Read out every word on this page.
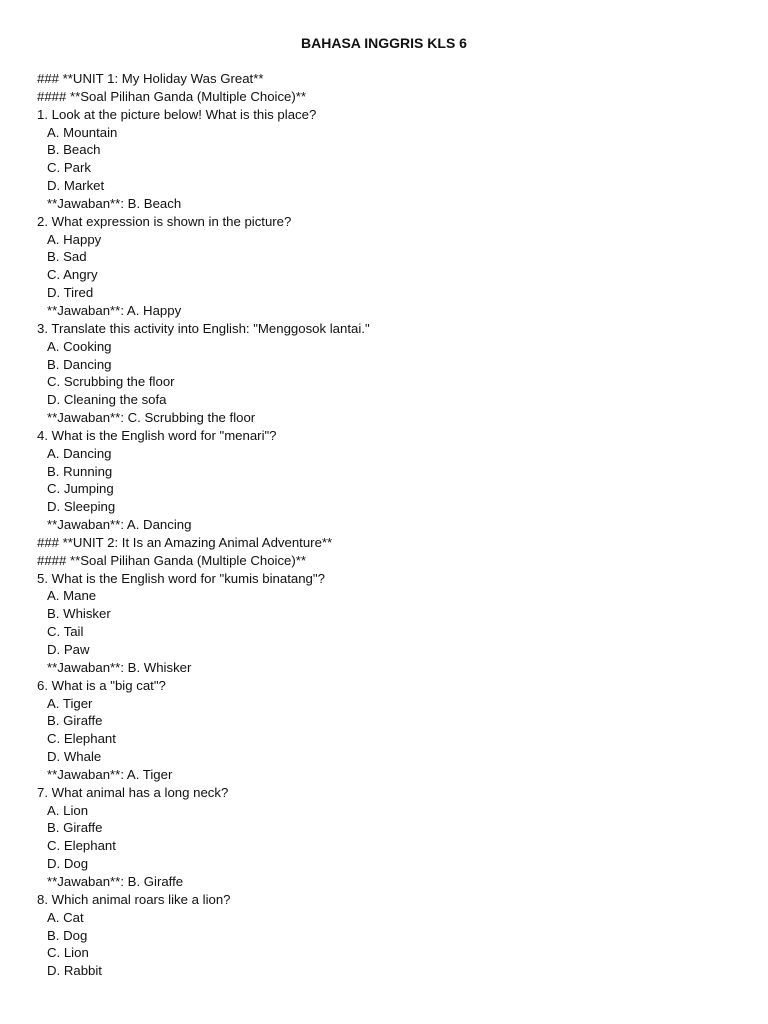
BAHASA INGGRIS KLS 6
### **UNIT 1: My Holiday Was Great**
#### **Soal Pilihan Ganda (Multiple Choice)**
1. Look at the picture below! What is this place?
A. Mountain
B. Beach
C. Park
D. Market
**Jawaban**: B. Beach
2. What expression is shown in the picture?
A. Happy
B. Sad
C. Angry
D. Tired
**Jawaban**: A. Happy
3. Translate this activity into English: "Menggosok lantai."
A. Cooking
B. Dancing
C. Scrubbing the floor
D. Cleaning the sofa
**Jawaban**: C. Scrubbing the floor
4. What is the English word for "menari"?
A. Dancing
B. Running
C. Jumping
D. Sleeping
**Jawaban**: A. Dancing
### **UNIT 2: It Is an Amazing Animal Adventure**
#### **Soal Pilihan Ganda (Multiple Choice)**
5. What is the English word for "kumis binatang"?
A. Mane
B. Whisker
C. Tail
D. Paw
**Jawaban**: B. Whisker
6. What is a "big cat"?
A. Tiger
B. Giraffe
C. Elephant
D. Whale
**Jawaban**: A. Tiger
7. What animal has a long neck?
A. Lion
B. Giraffe
C. Elephant
D. Dog
**Jawaban**: B. Giraffe
8. Which animal roars like a lion?
A. Cat
B. Dog
C. Lion
D. Rabbit
